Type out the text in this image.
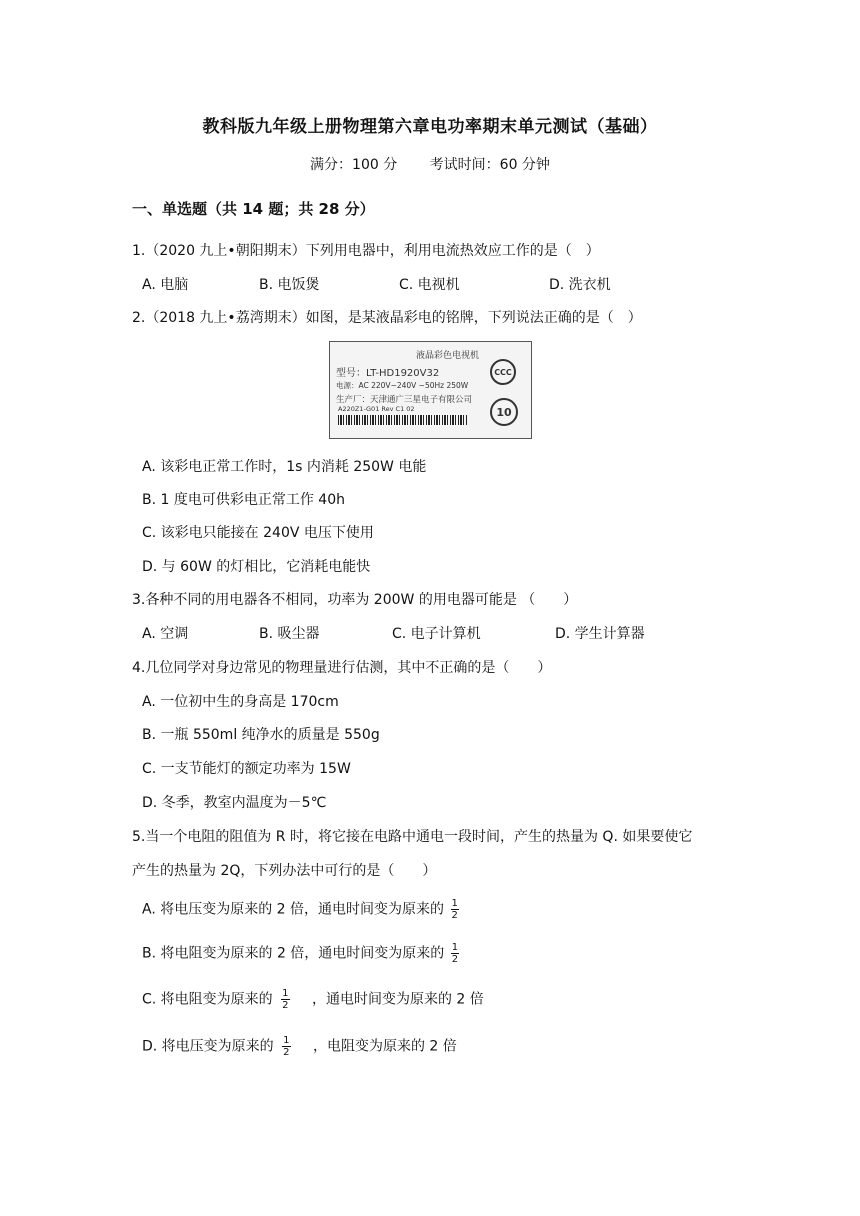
教科版九年级上册物理第六章电功率期末单元测试（基础）
满分：100 分 考试时间：60 分钟
一、单选题（共 14 题；共 28 分）
1.（2020 九上•朝阳期末）下列用电器中，利用电流热效应工作的是（　）
A. 电脑	B. 电饭煲	C. 电视机	D. 洗衣机
2.（2018 九上•荔湾期末）如图，是某液晶彩电的铭牌，下列说法正确的是（　）
液晶彩色电视机
型号：LT-HD1920V32
电源：AC 220V~240V ~50Hz 250W
生产厂：天津通广三星电子有限公司
A220Z1-G01 Rev C1 02
CCC
10
A. 该彩电正常工作时，1s 内消耗 250W 电能
B. 1 度电可供彩电正常工作 40h
C. 该彩电只能接在 240V 电压下使用
D. 与 60W 的灯相比，它消耗电能快
3.各种不同的用电器各不相同，功率为 200W 的用电器可能是 （　　）
A. 空调	B. 吸尘器	C. 电子计算机	D. 学生计算器
4.几位同学对身边常见的物理量进行估测，其中不正确的是（　　）
A. 一位初中生的身高是 170cm
B. 一瓶 550ml 纯净水的质量是 550g
C. 一支节能灯的额定功率为 15W
D. 冬季，教室内温度为－5℃
5.当一个电阻的阻值为 R 时，将它接在电路中通电一段时间，产生的热量为 Q. 如果要使它
产生的热量为 2Q，下列办法中可行的是（　　）
A. 将电压变为原来的 2 倍，通电时间变为原来的 $\frac{1}{2}$
B. 将电阻变为原来的 2 倍，通电时间变为原来的 $\frac{1}{2}$
C. 将电阻变为原来的 $\frac{1}{2}$ ，通电时间变为原来的 2 倍
D. 将电压变为原来的 $\frac{1}{2}$ ，电阻变为原来的 2 倍
